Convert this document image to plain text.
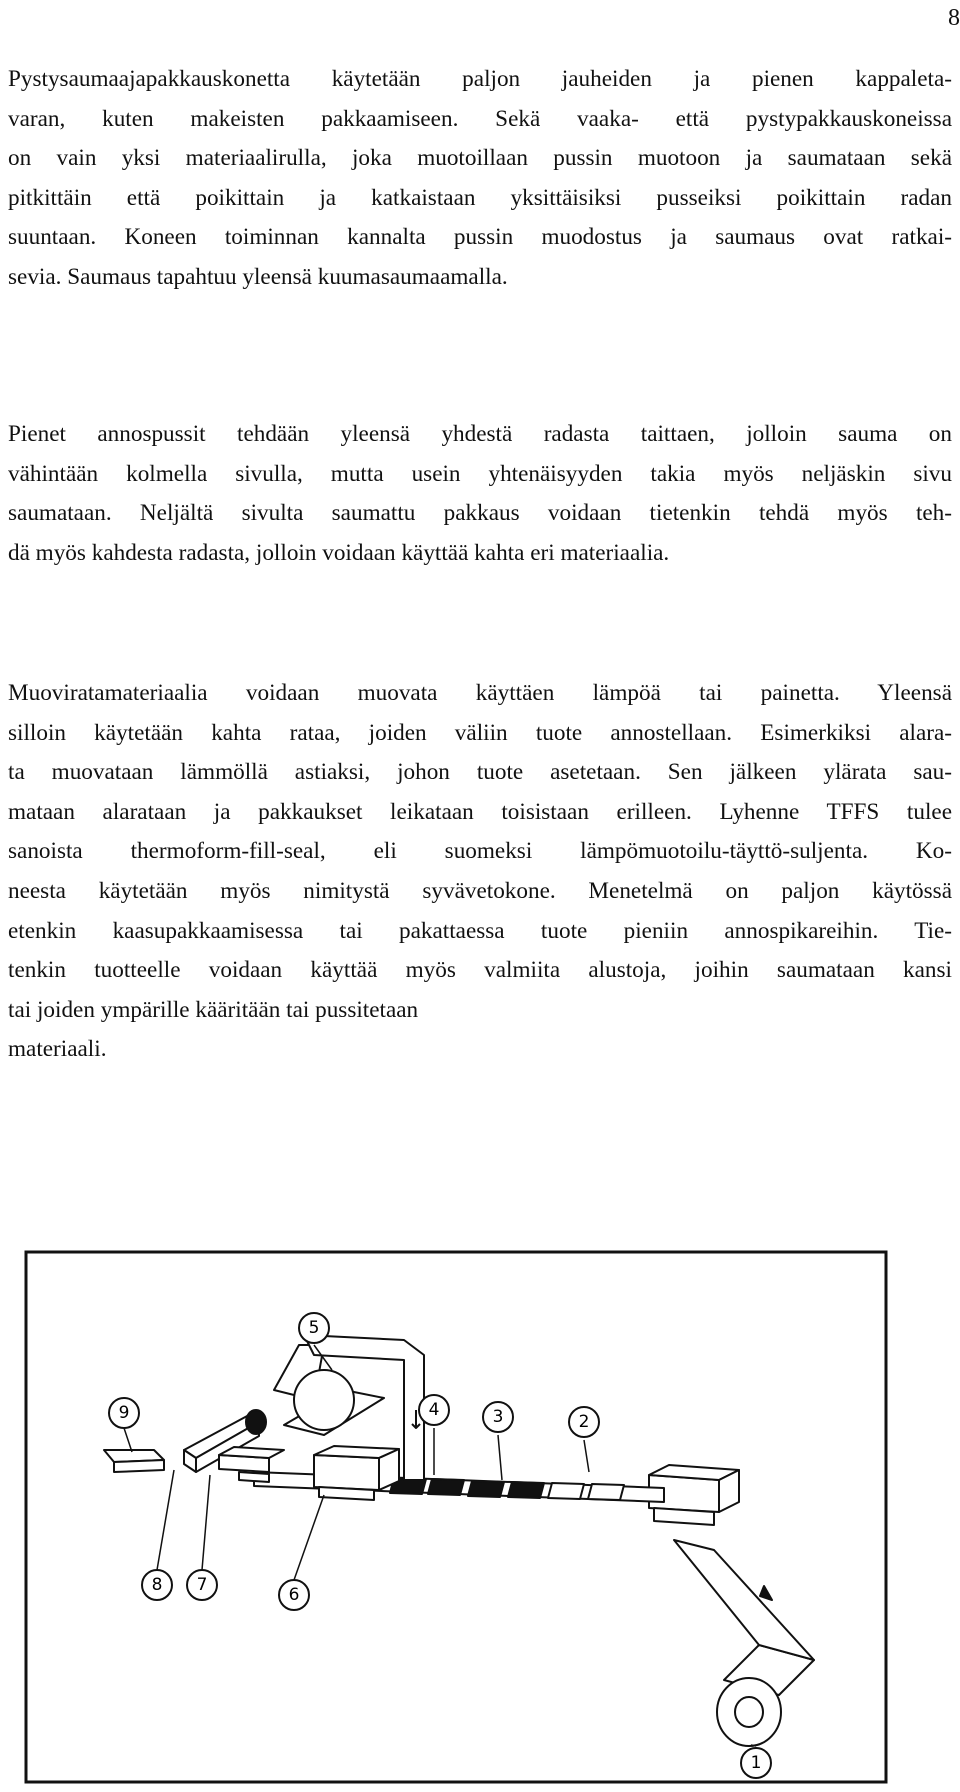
8

Pystysaumaajapakkauskonetta käytetään paljon jauheiden ja pienen kappaleta-
varan, kuten makeisten pakkaamiseen. Sekä vaaka- että pystypakkauskoneissa
on vain yksi materiaalirulla, joka muotoillaan pussin muotoon ja saumataan sekä
pitkittäin että poikittain ja katkaistaan yksittäisiksi pusseiksi poikittain radan
suuntaan. Koneen toiminnan kannalta pussin muodostus ja saumaus ovat ratkai-
sevia. Saumaus tapahtuu yleensä kuumasaumaamalla.

Pienet annospussit tehdään yleensä yhdestä radasta taittaen, jolloin sauma on
vähintään kolmella sivulla, mutta usein yhtenäisyyden takia myös neljäskin sivu
saumataan. Neljältä sivulta saumattu pakkaus voidaan tietenkin tehdä myös teh-
dä myös kahdesta radasta, jolloin voidaan käyttää kahta eri materiaalia.

Muoviratamateriaalia voidaan muovata käyttäen lämpöä tai painetta. Yleensä
silloin käytetään kahta rataa, joiden väliin tuote annostellaan. Esimerkiksi alara-
ta muovataan lämmöllä astiaksi, johon tuote asetetaan. Sen jälkeen ylärata sau-
mataan alarataan ja pakkaukset leikataan toisistaan erilleen. Lyhenne TFFS tulee
sanoista thermoform-fill-seal, eli suomeksi lämpömuotoilu-täyttö-suljenta. Ko-
neesta käytetään myös nimitystä syvävetokone. Menetelmä on paljon käytössä
etenkin kaasupakkaamisessa tai pakattaessa tuote pieniin annospikareihin. Tie-
tenkin tuotteelle voidaan käyttää myös valmiita alustoja, joihin saumataan kansi
tai joiden ympärille kääritään tai pussitetaan
materiaali.

1
2
3
4
5
6
7
8
9
